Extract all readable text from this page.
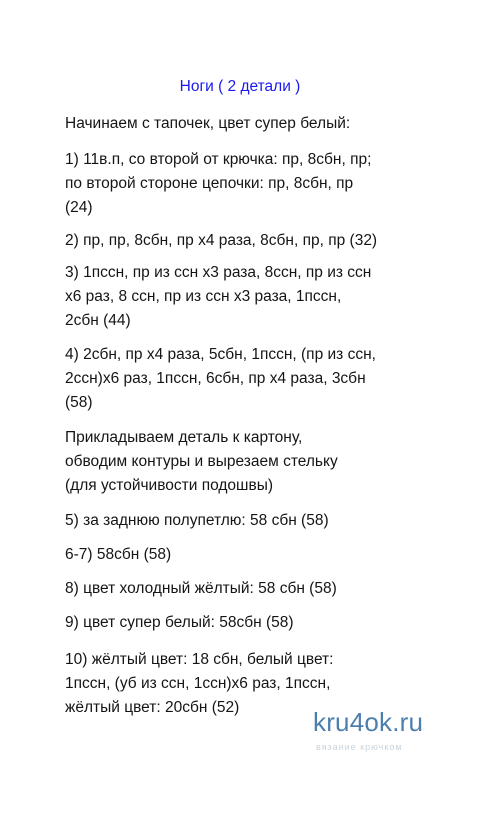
Ноги ( 2 детали )
Начинаем с тапочек, цвет супер белый:
1) 11в.п, со второй от крючка: пр, 8сбн, пр;
по второй стороне цепочки: пр, 8сбн, пр
(24)
2) пр, пр, 8сбн, пр х4 раза, 8сбн, пр, пр (32)
3) 1пссн, пр из ссн х3 раза, 8ссн, пр из ссн
х6 раз, 8 ссн, пр из ссн х3 раза, 1пссн,
2сбн (44)
4) 2сбн, пр х4 раза, 5сбн, 1пссн, (пр из ссн,
2ссн)х6 раз, 1пссн, 6сбн, пр х4 раза, 3сбн
(58)
Прикладываем деталь к картону,
обводим контуры и вырезаем стельку
(для устойчивости подошвы)
5) за заднюю полупетлю: 58 сбн (58)
6-7) 58сбн (58)
8) цвет холодный жёлтый: 58 сбн (58)
9) цвет супер белый: 58сбн (58)
10) жёлтый цвет: 18 сбн, белый цвет:
1пссн, (уб из ссн, 1ссн)х6 раз, 1пссн,
жёлтый цвет: 20сбн (52)	kru4ok.ru
вязание крючком
